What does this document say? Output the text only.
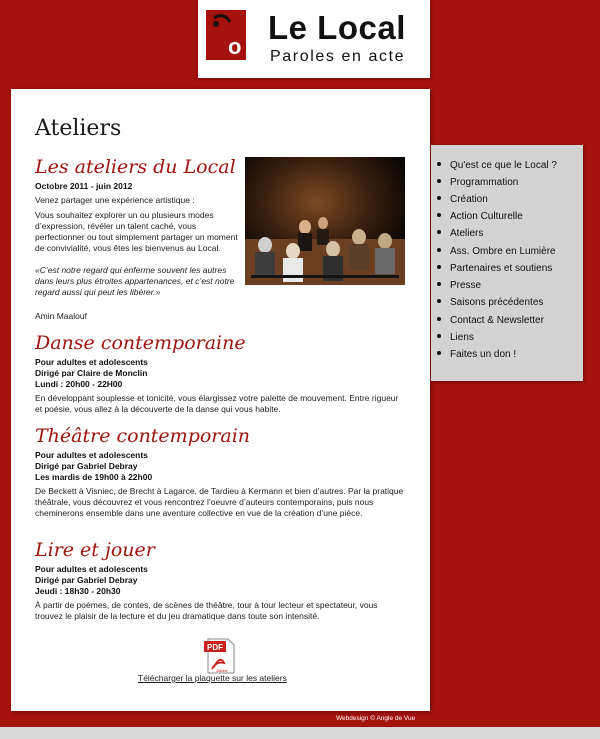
o
Le Local
Paroles en acte
Ateliers
Les ateliers du Local
Octobre 2011 - juin 2012

Venez partager une expérience artistique :

Vous souhaitez explorer un ou plusieurs modes d’expression, révéler un talent caché, vous perfectionner ou tout simplement partager un moment de convivialité, vous êtes les bienvenus au Local.

«C’est notre regard qui enferme souvent les autres dans leurs plus étroites appartenances, et c’est notre regard aussi qui peut les libérer.»

Amin Maalouf

Danse contemporaine
Pour adultes et adolescents
Dirigé par Claire de Monclin
Lundi : 20h00 - 22H00

En développant souplesse et tonicité, vous élargissez votre palette de mouvement. Entre rigueur et poésie, vous allez à la découverte de la danse qui vous habite.

Théâtre contemporain
Pour adultes et adolescents
Dirigé par Gabriel Debray
Les mardis de 19h00 à 22h00

De Beckett à Visniec, de Brecht à Lagarce, de Tardieu à Kermann et bien d’autres. Par la pratique théâtrale, vous découvrez et vous rencontrez l’oeuvre d’auteurs contemporains, puis nous cheminerons ensemble dans une aventure collective en vue de la création d’une pièce.

Lire et jouer
Pour adultes et adolescents
Dirigé par Gabriel Debray
Jeudi : 18h30 - 20h30

À partir de poèmes, de contes, de scènes de théâtre, tour à tour lecteur et spectateur, vous trouvez le plaisir de la lecture et du jeu dramatique dans toute son intensité.

PDF
Adobe
Télécharger la plaquette sur les ateliers
Qu'est ce que le Local ?
Programmation
Création
Action Culturelle
Ateliers
Ass. Ombre en Lumière
Partenaires et soutiens
Presse
Saisons précédentes
Contact & Newsletter
Liens
Faites un don !
Webdesign © Angle de Vue
